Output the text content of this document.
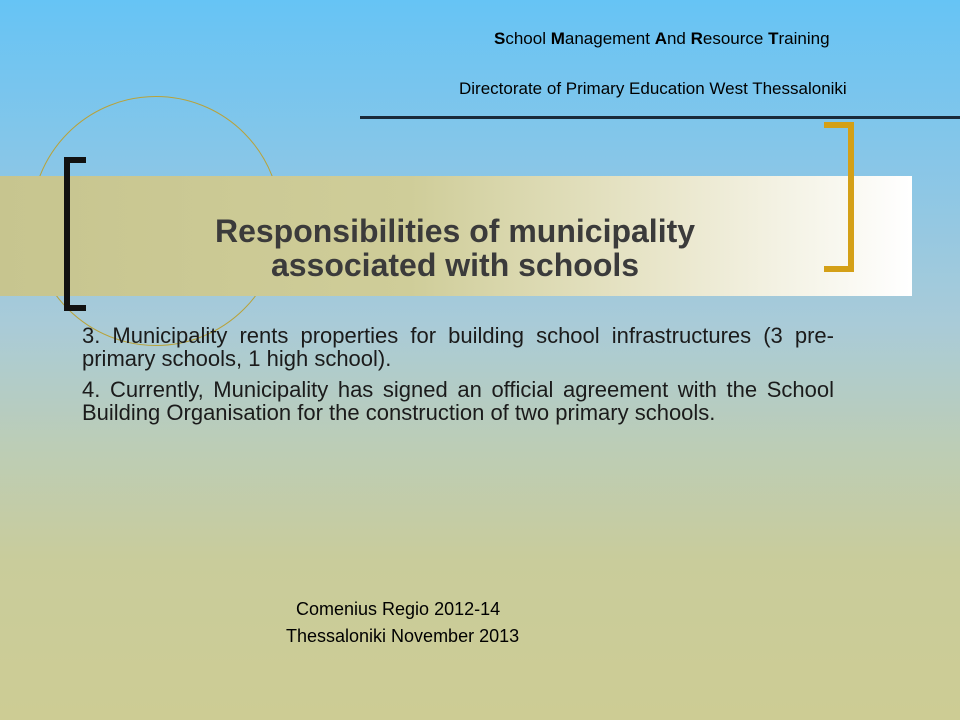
School Management And Resource Training
Directorate of Primary Education West Thessaloniki
Responsibilities of municipality
associated with schools

3. Municipality rents properties for building school infrastructures (3 pre-primary schools, 1 high school).

4. Currently, Municipality has signed an official agreement with the School Building Organisation for the construction of two primary schools.

Comenius Regio 2012-14
Thessaloniki November 2013
